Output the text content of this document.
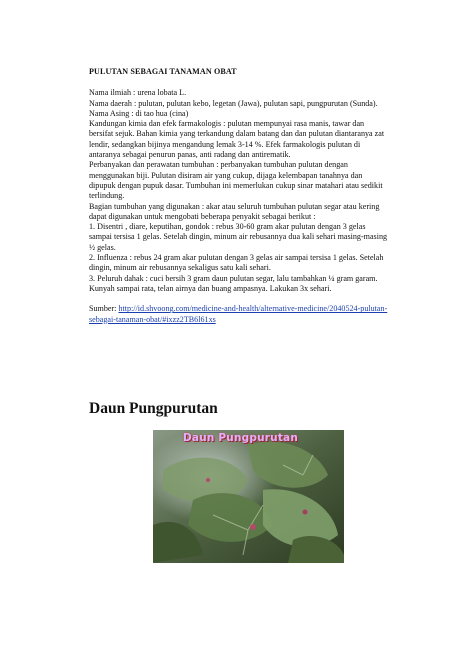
PULUTAN SEBAGAI TANAMAN OBAT

Nama ilmiah : urena lobata L.

Nama daerah : pulutan, pulutan kebo, legetan (Jawa), pulutan sapi, pungpurutan (Sunda).

Nama Asing : di tao hua (cina)

Kandungan kimia dan efek farmakologis : pulutan mempunyai rasa manis, tawar dan bersifat sejuk. Bahan kimia yang terkandung dalam batang dan dan pulutan diantaranya zat lendir, sedangkan bijinya mengandung lemak 3-14 %. Efek farmakologis pulutan di antaranya sebagai penurun panas, anti radang dan antirematik.

Perbanyakan dan perawatan tumbuhan : perbanyakan tumbuhan pulutan dengan menggunakan biji. Pulutan disiram air yang cukup, dijaga kelembapan tanahnya dan dipupuk dengan pupuk dasar. Tumbuhan ini memerlukan cukup sinar matahari atau sedikit terlindung.

Bagian tumbuhan yang digunakan : akar atau seluruh tumbuhan pulutan segar atau kering dapat digunakan untuk mengobati beberapa penyakit sebagai berikut :

1. Disentri , diare, keputihan, gondok : rebus 30-60 gram akar pulutan dengan 3 gelas sampai tersisa 1 gelas. Setelah dingin, minum air rebusannya dua kali sehari masing-masing ½ gelas.

2. Influenza : rebus 24 gram akar pulutan dengan 3 gelas air sampai tersisa 1 gelas. Setelah dingin, minum air rebusannya sekaligus satu kali sehari.

3. Peluruh dahak : cuci bersih 3 gram daun pulutan segar, lalu tambahkan ¼ gram garam. Kunyah sampai rata, telan airnya dan buang ampasnya. Lakukan 3x sehari.

Sumber: http://id.shvoong.com/medicine-and-health/alternative-medicine/2040524-pulutan-sebagai-tanaman-obat/#ixzz2TB6l61xs

Daun Pungpurutan
Daun Pungpurutan
